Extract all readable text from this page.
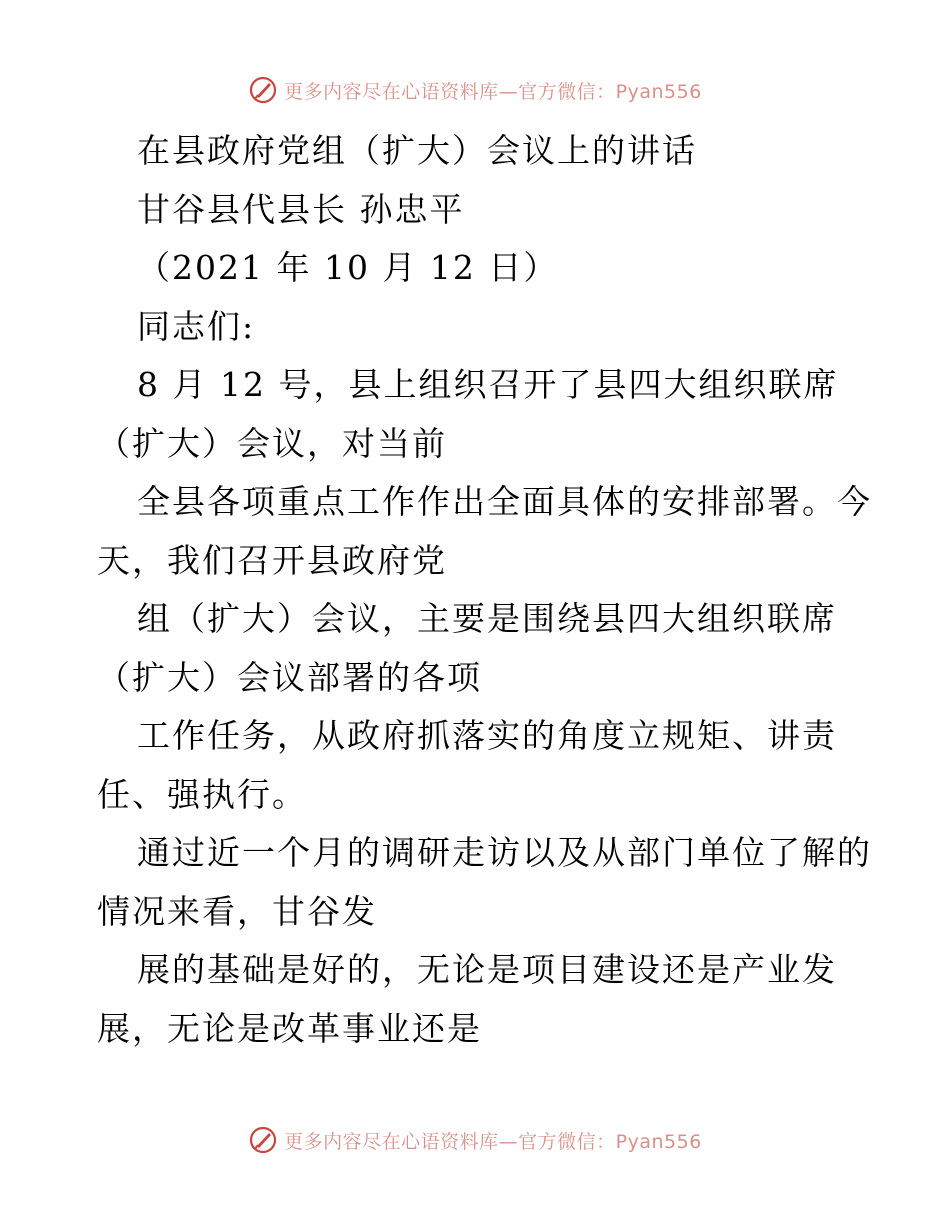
更多内容尽在心语资料库—官方微信：Pyan556
在县政府党组（扩大）会议上的讲话
甘谷县代县长 孙忠平
（2021 年 10 月 12 日）
同志们:
8 月 12 号，县上组织召开了县四大组织联席
（扩大）会议，对当前
全县各项重点工作作出全面具体的安排部署。今
天，我们召开县政府党
组（扩大）会议，主要是围绕县四大组织联席
（扩大）会议部署的各项
工作任务，从政府抓落实的角度立规矩、讲责
任、强执行。
通过近一个月的调研走访以及从部门单位了解的
情况来看，甘谷发
展的基础是好的，无论是项目建设还是产业发
展，无论是改革事业还是
更多内容尽在心语资料库—官方微信：Pyan556
